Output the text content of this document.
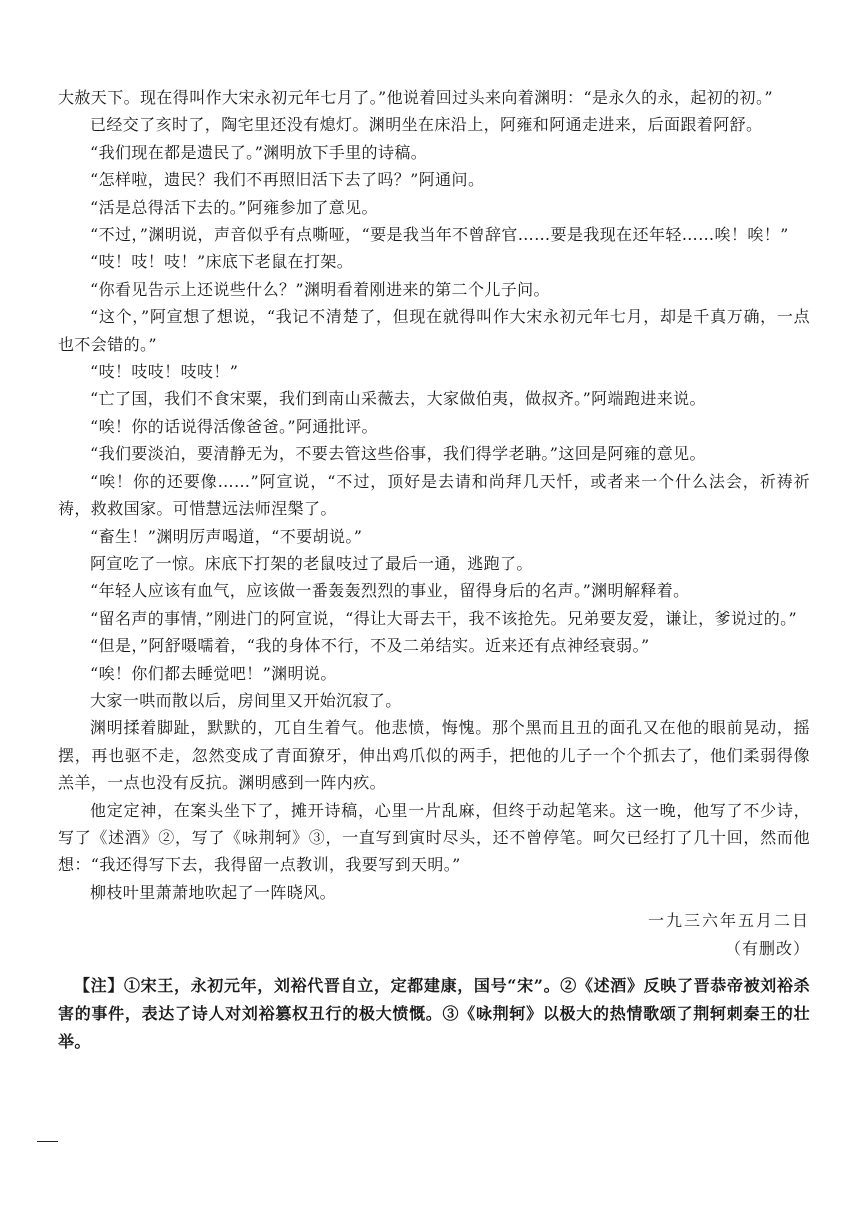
大赦天下。现在得叫作大宋永初元年七月了。”他说着回过头来向着渊明：“是永久的永，起初的初。”

已经交了亥时了，陶宅里还没有熄灯。渊明坐在床沿上，阿雍和阿通走进来，后面跟着阿舒。

“我们现在都是遗民了。”渊明放下手里的诗稿。

“怎样啦，遗民？我们不再照旧活下去了吗？”阿通问。

“活是总得活下去的。”阿雍参加了意见。

“不过，”渊明说，声音似乎有点嘶哑，“要是我当年不曾辞官……要是我现在还年轻……唉！唉！”

“吱！吱！吱！”床底下老鼠在打架。

“你看见告示上还说些什么？”渊明看着刚进来的第二个儿子问。

“这个，”阿宣想了想说，“我记不清楚了，但现在就得叫作大宋永初元年七月，却是千真万确，一点也不会错的。”

“吱！吱吱！吱吱！”

“亡了国，我们不食宋粟，我们到南山采薇去，大家做伯夷，做叔齐。”阿端跑进来说。

“唉！你的话说得活像爸爸。”阿通批评。

“我们要淡泊，要清静无为，不要去管这些俗事，我们得学老聃。”这回是阿雍的意见。

“唉！你的还要像……”阿宣说，“不过，顶好是去请和尚拜几天忏，或者来一个什么法会，祈祷祈祷，救救国家。可惜慧远法师涅槃了。

“畜生！”渊明厉声喝道，“不要胡说。”

阿宣吃了一惊。床底下打架的老鼠吱过了最后一通，逃跑了。

“年轻人应该有血气，应该做一番轰轰烈烈的事业，留得身后的名声。”渊明解释着。

“留名声的事情，”刚进门的阿宣说，“得让大哥去干，我不该抢先。兄弟要友爱，谦让，爹说过的。”

“但是，”阿舒嗫嚅着，“我的身体不行，不及二弟结实。近来还有点神经衰弱。”

“唉！你们都去睡觉吧！”渊明说。

大家一哄而散以后，房间里又开始沉寂了。

渊明揉着脚趾，默默的，兀自生着气。他悲愤，悔愧。那个黑而且丑的面孔又在他的眼前晃动，摇摆，再也驱不走，忽然变成了青面獠牙，伸出鸡爪似的两手，把他的儿子一个个抓去了，他们柔弱得像羔羊，一点也没有反抗。渊明感到一阵内疚。

他定定神，在案头坐下了，摊开诗稿，心里一片乱麻，但终于动起笔来。这一晚，他写了不少诗，写了《述酒》②，写了《咏荆轲》③，一直写到寅时尽头，还不曾停笔。呵欠已经打了几十回，然而他想：“我还得写下去，我得留一点教训，我要写到天明。”

柳枝叶里萧萧地吹起了一阵晓风。

一九三六年五月二日
（有删改）
【注】①宋王，永初元年，刘裕代晋自立，定都建康，国号“宋”。②《述酒》反映了晋恭帝被刘裕杀害的事件，表达了诗人对刘裕篡权丑行的极大愤慨。③《咏荆轲》以极大的热情歌颂了荆轲刺秦王的壮举。
